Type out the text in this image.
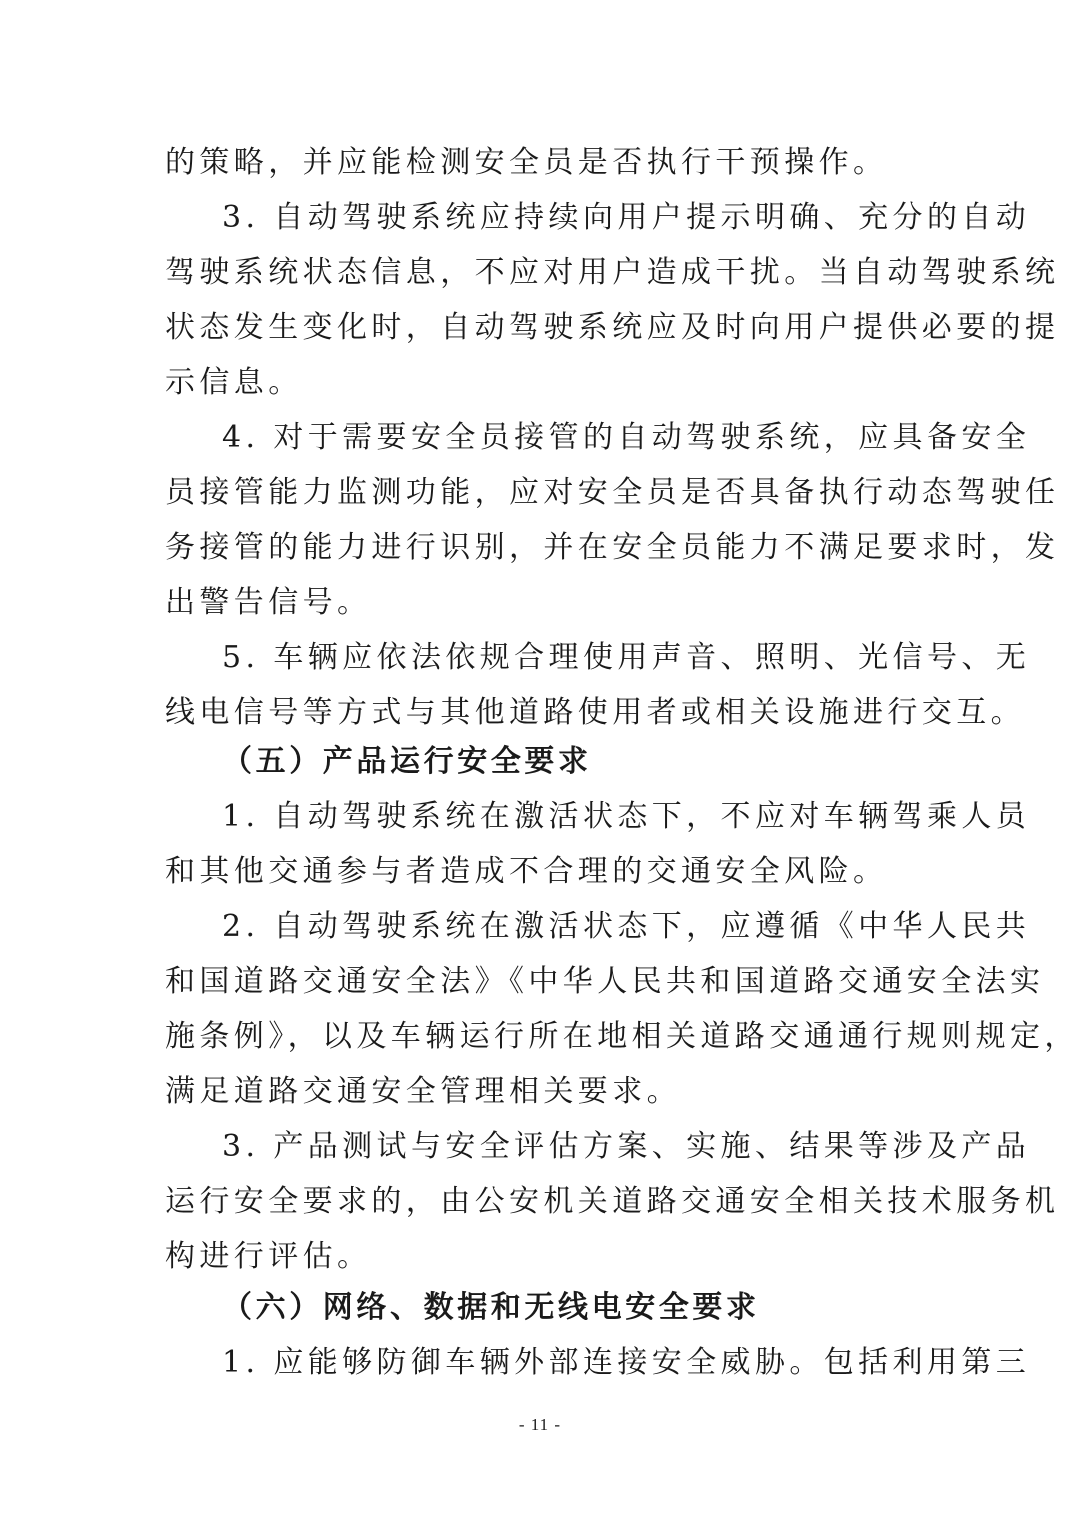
的策略，并应能检测安全员是否执行干预操作。
3. 自动驾驶系统应持续向用户提示明确、充分的自动
驾驶系统状态信息，不应对用户造成干扰。当自动驾驶系统
状态发生变化时，自动驾驶系统应及时向用户提供必要的提
示信息。
4. 对于需要安全员接管的自动驾驶系统，应具备安全
员接管能力监测功能，应对安全员是否具备执行动态驾驶任
务接管的能力进行识别，并在安全员能力不满足要求时，发
出警告信号。
5. 车辆应依法依规合理使用声音、照明、光信号、无
线电信号等方式与其他道路使用者或相关设施进行交互。
（五）产品运行安全要求
1. 自动驾驶系统在激活状态下，不应对车辆驾乘人员
和其他交通参与者造成不合理的交通安全风险。
2. 自动驾驶系统在激活状态下，应遵循《中华人民共
和国道路交通安全法》《中华人民共和国道路交通安全法实
施条例》，以及车辆运行所在地相关道路交通通行规则规定，
满足道路交通安全管理相关要求。
3. 产品测试与安全评估方案、实施、结果等涉及产品
运行安全要求的，由公安机关道路交通安全相关技术服务机
构进行评估。
（六）网络、数据和无线电安全要求
1. 应能够防御车辆外部连接安全威胁。包括利用第三
- 11 -
